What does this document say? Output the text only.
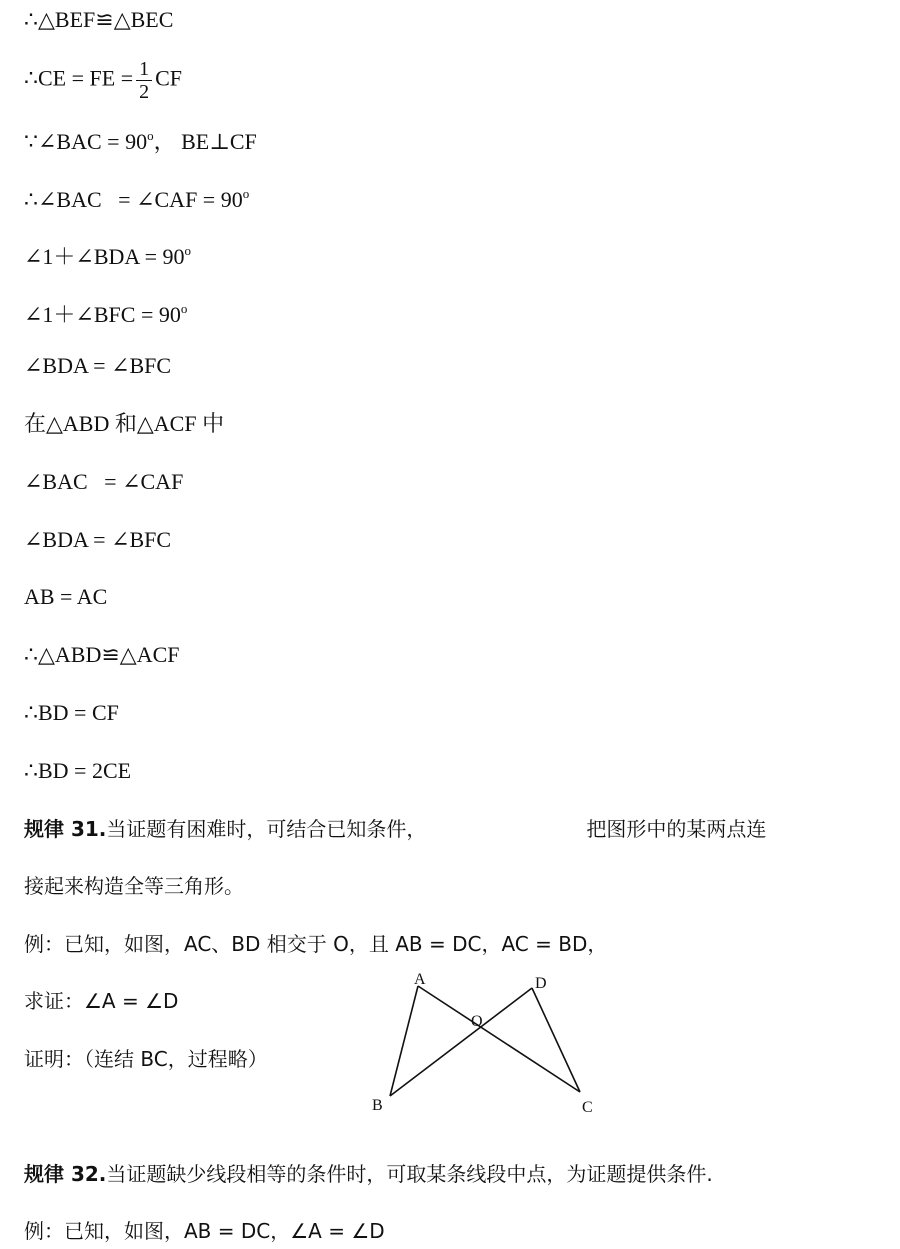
∴△BEF≌△BEC
∴CE = FE = $\frac{1}{2}$ CF
∵∠BAC = $90^o$， BE⊥CF
∴∠BAC   = ∠CAF = $90^o$
∠1＋∠BDA = $90^o$
∠1＋∠BFC = $90^o$
∠BDA = ∠BFC
在△ABD 和△ACF 中
∠BAC   = ∠CAF
∠BDA = ∠BFC
AB = AC
∴△ABD≌△ACF
∴BD = CF
∴BD = 2CE
规律 31.当证题有困难时，可结合已知条件，	把图形中的某两点连
接起来构造全等三角形。
例：已知，如图，AC、BD 相交于 O，且 AB = DC，AC = BD，
求证：∠A = ∠D
证明：（连结 BC，过程略）
A	D
O
B	C
规律 32.当证题缺少线段相等的条件时，可取某条线段中点，为证题提供条件.
例：已知，如图，AB = DC，∠A = ∠D
